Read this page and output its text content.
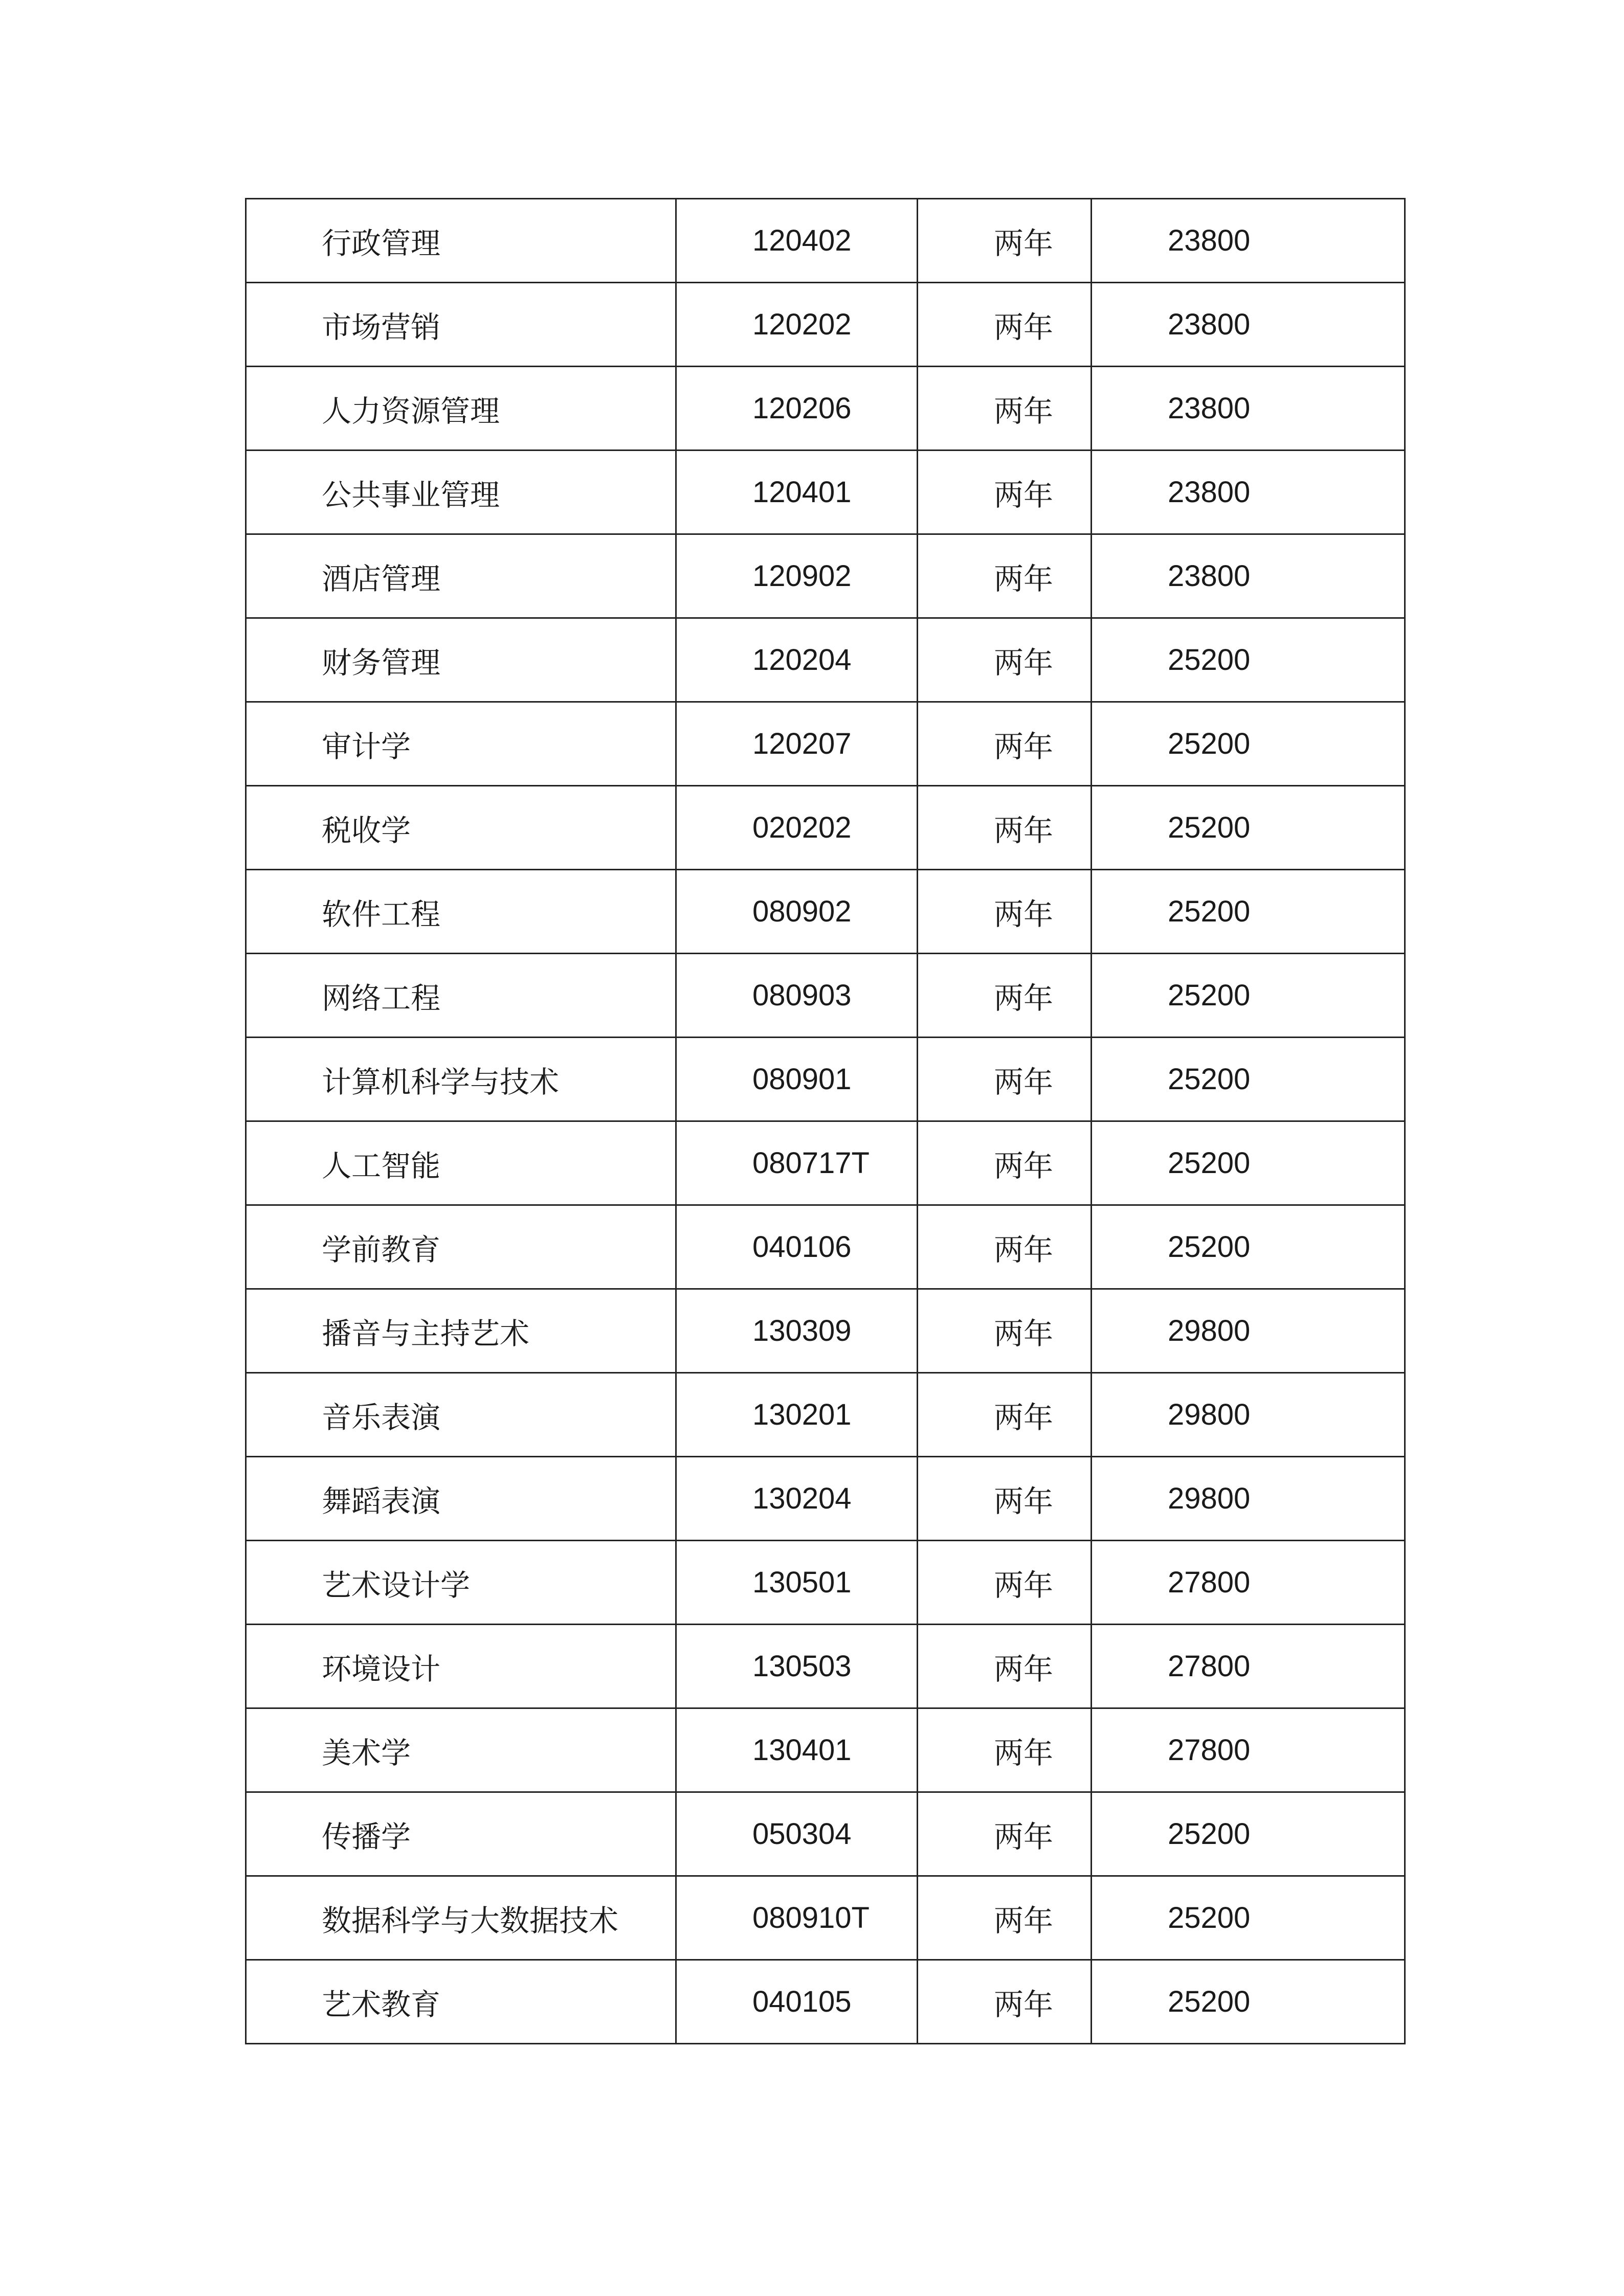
行政管理	120402	两年	23800
市场营销	120202	两年	23800
人力资源管理	120206	两年	23800
公共事业管理	120401	两年	23800
酒店管理	120902	两年	23800
财务管理	120204	两年	25200
审计学	120207	两年	25200
税收学	020202	两年	25200
软件工程	080902	两年	25200
网络工程	080903	两年	25200
计算机科学与技术	080901	两年	25200
人工智能	080717T	两年	25200
学前教育	040106	两年	25200
播音与主持艺术	130309	两年	29800
音乐表演	130201	两年	29800
舞蹈表演	130204	两年	29800
艺术设计学	130501	两年	27800
环境设计	130503	两年	27800
美术学	130401	两年	27800
传播学	050304	两年	25200
数据科学与大数据技术	080910T	两年	25200
艺术教育	040105	两年	25200
